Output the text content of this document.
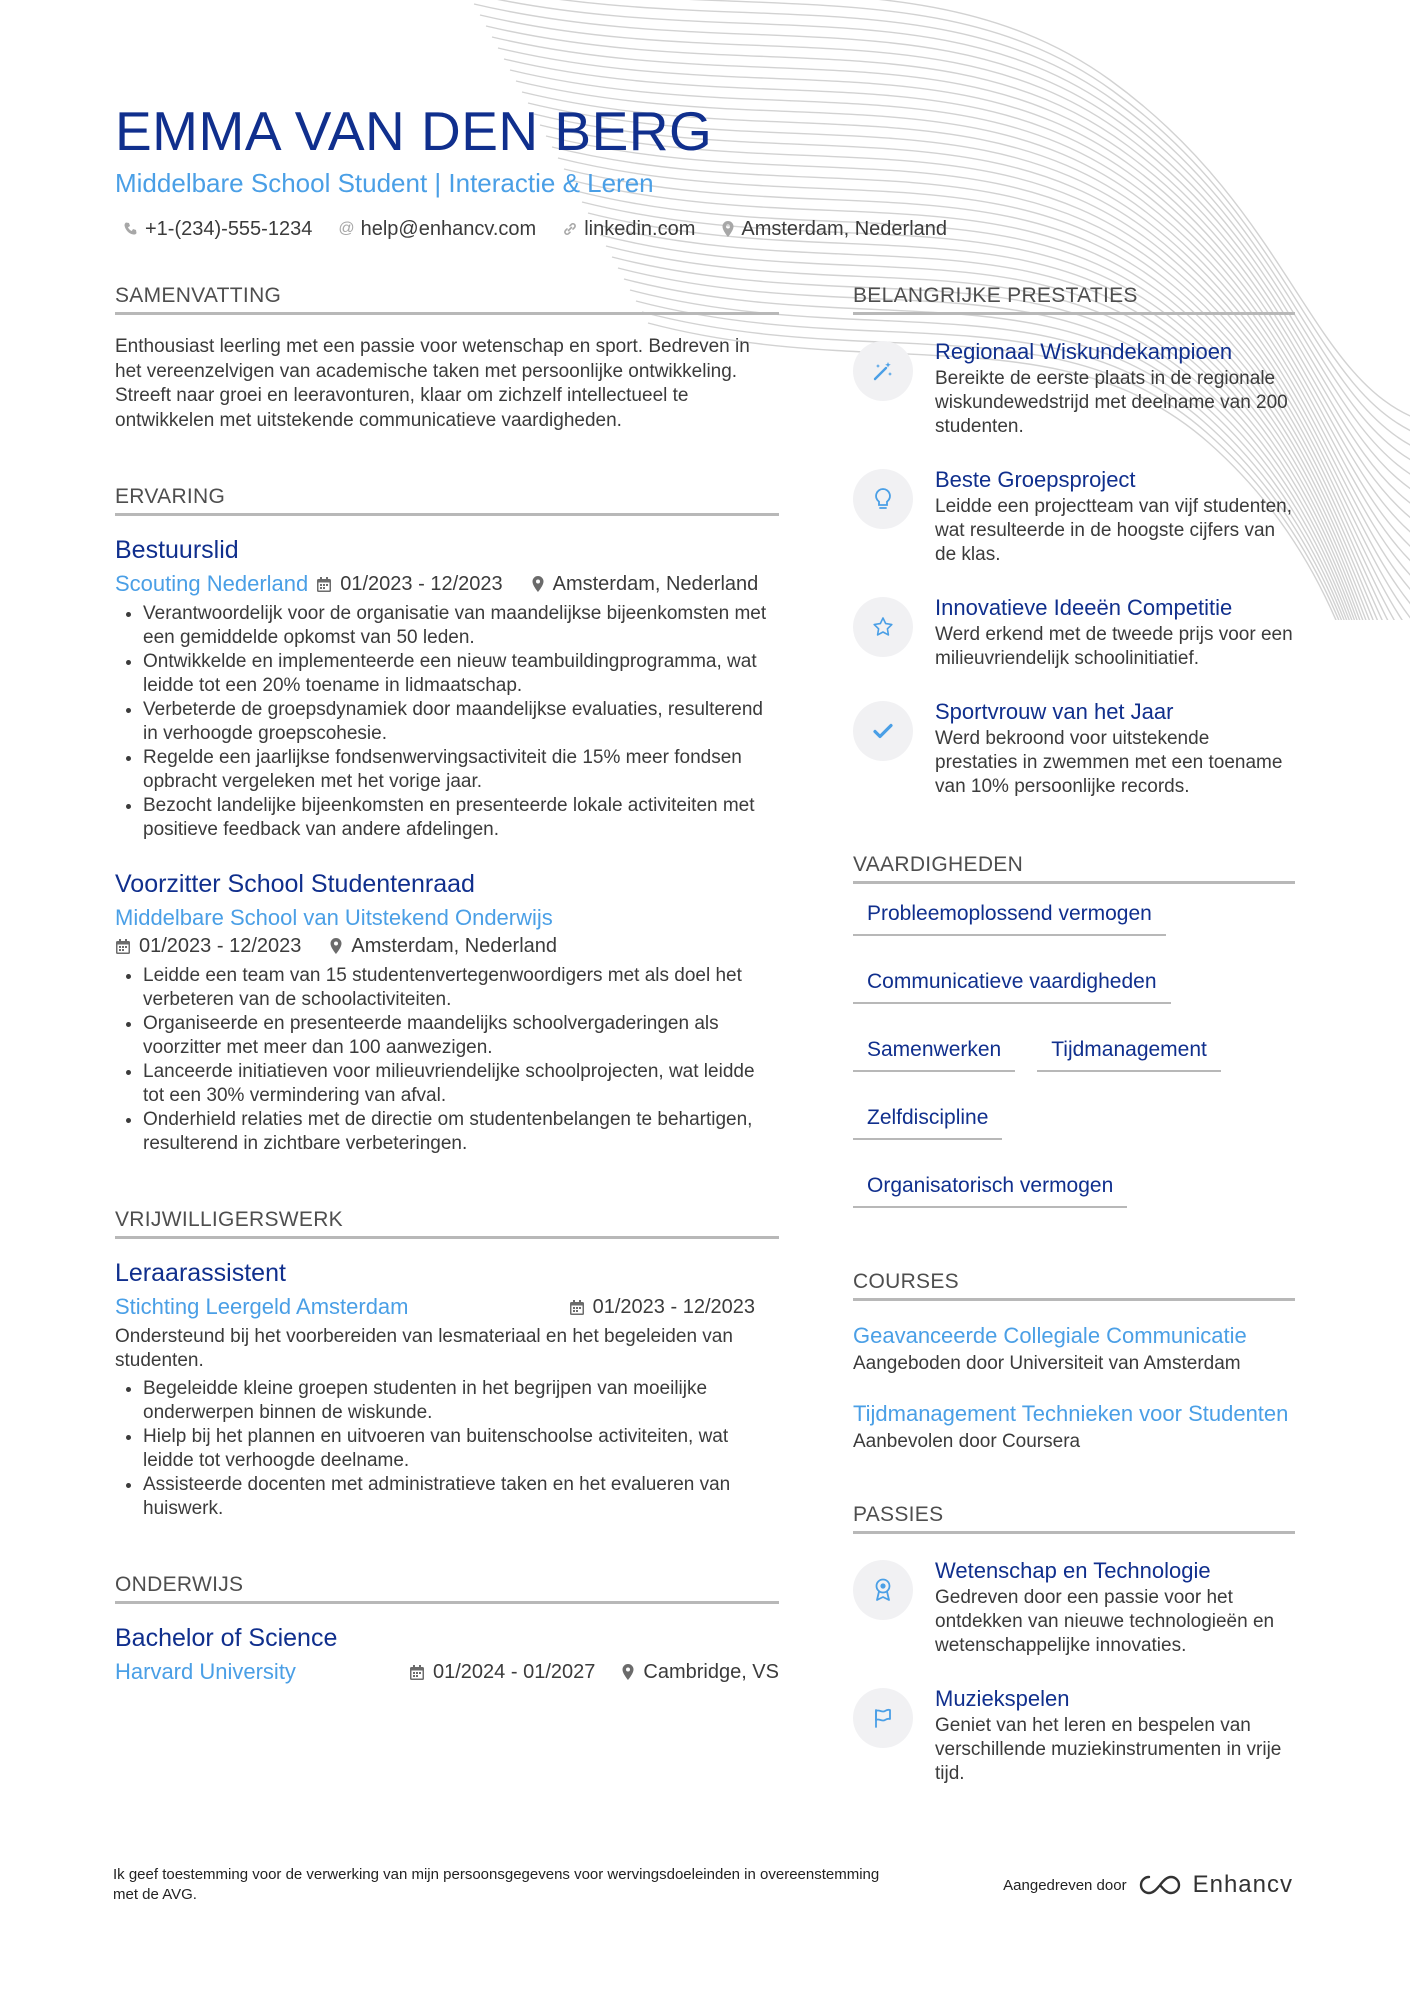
EMMA VAN DEN BERG
Middelbare School Student | Interactie & Leren
+1-(234)-555-1234 @ help@enhancv.com linkedin.com Amsterdam, Nederland
SAMENVATTING
Enthousiast leerling met een passie voor wetenschap en sport. Bedreven in het vereenzelvigen van academische taken met persoonlijke ontwikkeling. Streeft naar groei en leeravonturen, klaar om zichzelf intellectueel te ontwikkelen met uitstekende communicatieve vaardigheden.
ERVARING
Bestuurslid
Scouting Nederland 01/2023 - 12/2023	Amsterdam, Nederland
• Verantwoordelijk voor de organisatie van maandelijkse bijeenkomsten met een gemiddelde opkomst van 50 leden.
• Ontwikkelde en implementeerde een nieuw teambuildingprogramma, wat leidde tot een 20% toename in lidmaatschap.
• Verbeterde de groepsdynamiek door maandelijkse evaluaties, resulterend in verhoogde groepscohesie.
• Regelde een jaarlijkse fondsenwervingsactiviteit die 15% meer fondsen opbracht vergeleken met het vorige jaar.
• Bezocht landelijke bijeenkomsten en presenteerde lokale activiteiten met positieve feedback van andere afdelingen.
Voorzitter School Studentenraad
Middelbare School van Uitstekend Onderwijs
01/2023 - 12/2023	Amsterdam, Nederland
• Leidde een team van 15 studentenvertegenwoordigers met als doel het verbeteren van de schoolactiviteiten.
• Organiseerde en presenteerde maandelijks schoolvergaderingen als voorzitter met meer dan 100 aanwezigen.
• Lanceerde initiatieven voor milieuvriendelijke schoolprojecten, wat leidde tot een 30% vermindering van afval.
• Onderhield relaties met de directie om studentenbelangen te behartigen, resulterend in zichtbare verbeteringen.
VRIJWILLIGERSWERK
Leraarassistent
Stichting Leergeld Amsterdam	01/2023 - 12/2023
Ondersteund bij het voorbereiden van lesmateriaal en het begeleiden van studenten.
• Begeleidde kleine groepen studenten in het begrijpen van moeilijke onderwerpen binnen de wiskunde.
• Hielp bij het plannen en uitvoeren van buitenschoolse activiteiten, wat leidde tot verhoogde deelname.
• Assisteerde docenten met administratieve taken en het evalueren van huiswerk.
ONDERWIJS
Bachelor of Science
Harvard University	01/2024 - 01/2027 Cambridge, VS
BELANGRIJKE PRESTATIES
Regionaal Wiskundekampioen
Bereikte de eerste plaats in de regionale wiskundewedstrijd met deelname van 200 studenten.
Beste Groepsproject
Leidde een projectteam van vijf studenten, wat resulteerde in de hoogste cijfers van de klas.
Innovatieve Ideeën Competitie
Werd erkend met de tweede prijs voor een milieuvriendelijk schoolinitiatief.
Sportvrouw van het Jaar
Werd bekroond voor uitstekende prestaties in zwemmen met een toename van 10% persoonlijke records.
VAARDIGHEDEN
Probleemoplossend vermogen
Communicatieve vaardigheden
Samenwerken	Tijdmanagement
Zelfdiscipline
Organisatorisch vermogen
COURSES
Geavanceerde Collegiale Communicatie
Aangeboden door Universiteit van Amsterdam
Tijdmanagement Technieken voor Studenten
Aanbevolen door Coursera
PASSIES
Wetenschap en Technologie
Gedreven door een passie voor het ontdekken van nieuwe technologieën en wetenschappelijke innovaties.
Muziekspelen
Geniet van het leren en bespelen van verschillende muziekinstrumenten in vrije tijd.
Ik geef toestemming voor de verwerking van mijn persoonsgegevens voor wervingsdoeleinden in overeenstemming met de AVG.
Aangedreven door	Enhancv
